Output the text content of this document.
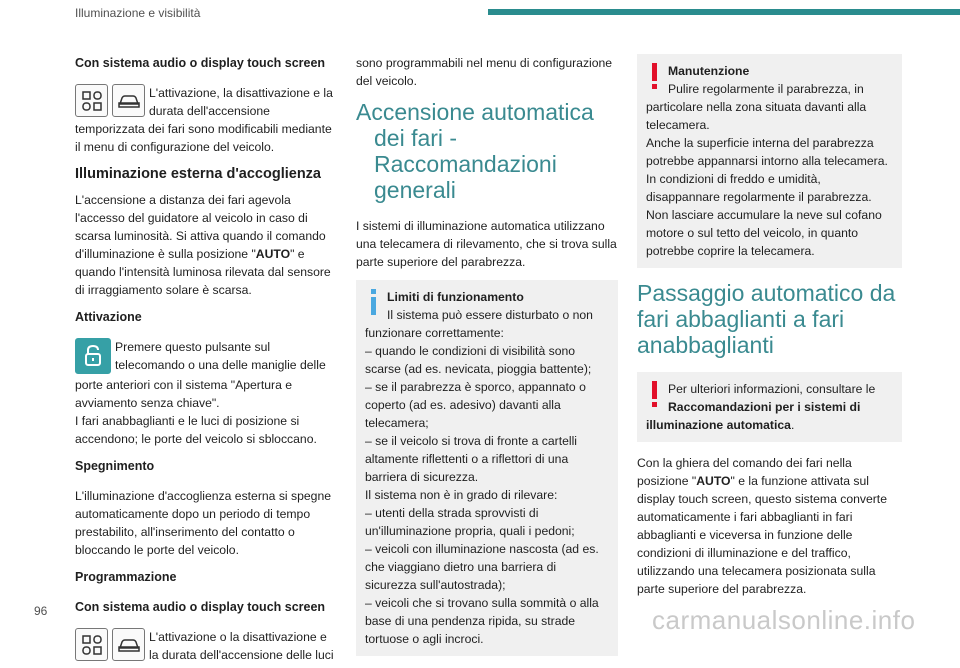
Illuminazione e visibilità
Con sistema audio o display touch screen
L'attivazione, la disattivazione e la durata dell'accensione

temporizzata dei fari sono modificabili mediante il menu di configurazione del veicolo.

Illuminazione esterna d'accoglienza

L'accensione a distanza dei fari agevola l'accesso del guidatore al veicolo in caso di scarsa luminosità. Si attiva quando il comando d'illuminazione è sulla posizione "AUTO" e quando l'intensità luminosa rilevata dal sensore di irraggiamento solare è scarsa.

Attivazione
Premere questo pulsante sul telecomando o una delle maniglie delle

porte anteriori con il sistema "Apertura e avviamento senza chiave".

I fari anabbaglianti e le luci di posizione si accendono; le porte del veicolo si sbloccano.

Spegnimento

L'illuminazione d'accoglienza esterna si spegne automaticamente dopo un periodo di tempo prestabilito, all'inserimento del contatto o bloccando le porte del veicolo.

Programmazione
Con sistema audio o display touch screen
L'attivazione o la disattivazione e la durata dell'accensione delle luci

sono programmabili nel menu di configurazione del veicolo.

Accensione automatica dei fari - Raccomandazioni generali

I sistemi di illuminazione automatica utilizzano una telecamera di rilevamento, che si trova sulla parte superiore del parabrezza.

Limiti di funzionamento
Il sistema può essere disturbato o non funzionare correttamente:
– quando le condizioni di visibilità sono scarse (ad es. nevicata, pioggia battente);
– se il parabrezza è sporco, appannato o coperto (ad es. adesivo) davanti alla telecamera;
– se il veicolo si trova di fronte a cartelli altamente riflettenti o a riflettori di una barriera di sicurezza.
Il sistema non è in grado di rilevare:
– utenti della strada sprovvisti di un'illuminazione propria, quali i pedoni;
– veicoli con illuminazione nascosta (ad es. che viaggiano dietro una barriera di sicurezza sull'autostrada);
– veicoli che si trovano sulla sommità o alla base di una pendenza ripida, su strade tortuose o agli incroci.
Manutenzione
Pulire regolarmente il parabrezza, in particolare nella zona situata davanti alla telecamera.
Anche la superficie interna del parabrezza potrebbe appannarsi intorno alla telecamera. In condizioni di freddo e umidità, disappannare regolarmente il parabrezza.
Non lasciare accumulare la neve sul cofano motore o sul tetto del veicolo, in quanto potrebbe coprire la telecamera.
Passaggio automatico da fari abbaglianti a fari anabbaglianti
Per ulteriori informazioni, consultare le Raccomandazioni per i sistemi di illuminazione automatica.

Con la ghiera del comando dei fari nella posizione "AUTO" e la funzione attivata sul display touch screen, questo sistema converte automaticamente i fari abbaglianti in fari abbaglianti e viceversa in funzione delle condizioni di illuminazione e del traffico, utilizzando una telecamera posizionata sulla parte superiore del parabrezza.

96	carmanualsonline.info
